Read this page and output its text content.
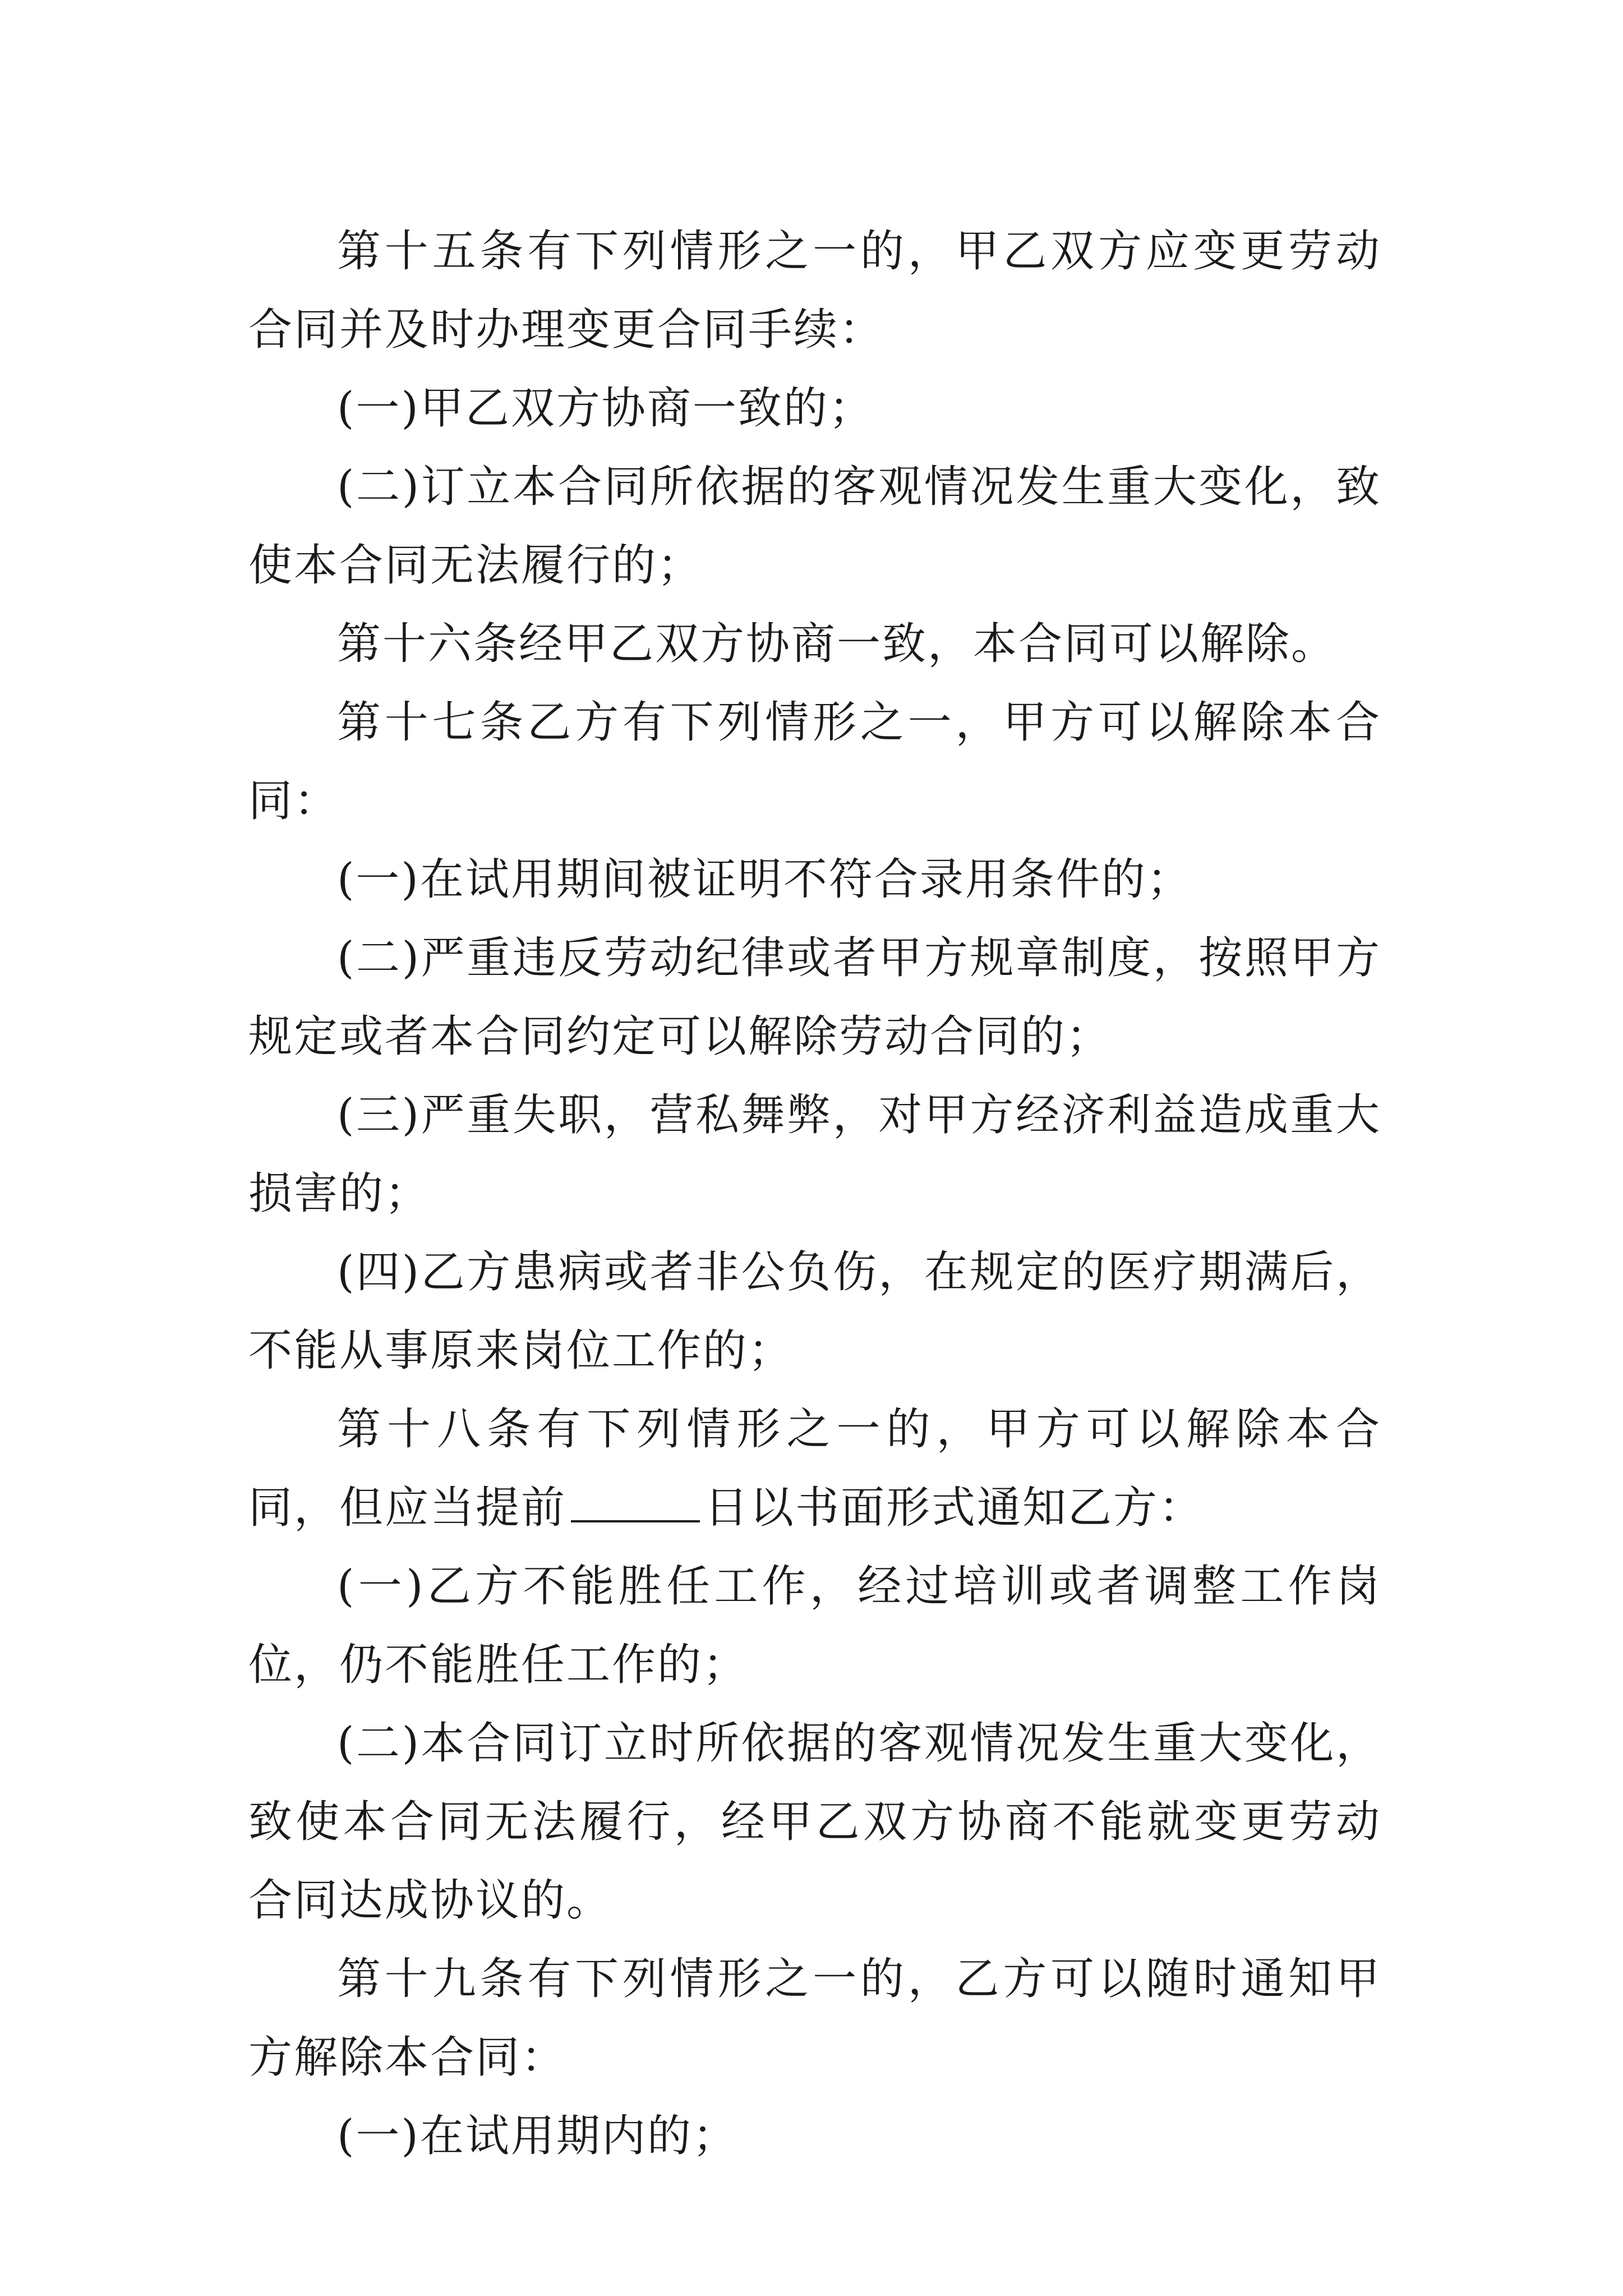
第十五条有下列情形之一的，甲乙双方应变更劳动合同并及时办理变更合同手续：

(一)甲乙双方协商一致的；

(二)订立本合同所依据的客观情况发生重大变化，致使本合同无法履行的；

第十六条经甲乙双方协商一致，本合同可以解除。

第十七条乙方有下列情形之一，甲方可以解除本合同：

(一)在试用期间被证明不符合录用条件的；

(二)严重违反劳动纪律或者甲方规章制度，按照甲方规定或者本合同约定可以解除劳动合同的；

(三)严重失职，营私舞弊，对甲方经济利益造成重大损害的；

(四)乙方患病或者非公负伤，在规定的医疗期满后，不能从事原来岗位工作的；

第十八条有下列情形之一的，甲方可以解除本合同，但应当提前	日以书面形式通知乙方：

(一)乙方不能胜任工作，经过培训或者调整工作岗位，仍不能胜任工作的；

(二)本合同订立时所依据的客观情况发生重大变化，致使本合同无法履行，经甲乙双方协商不能就变更劳动合同达成协议的。

第十九条有下列情形之一的，乙方可以随时通知甲方解除本合同：

(一)在试用期内的；
